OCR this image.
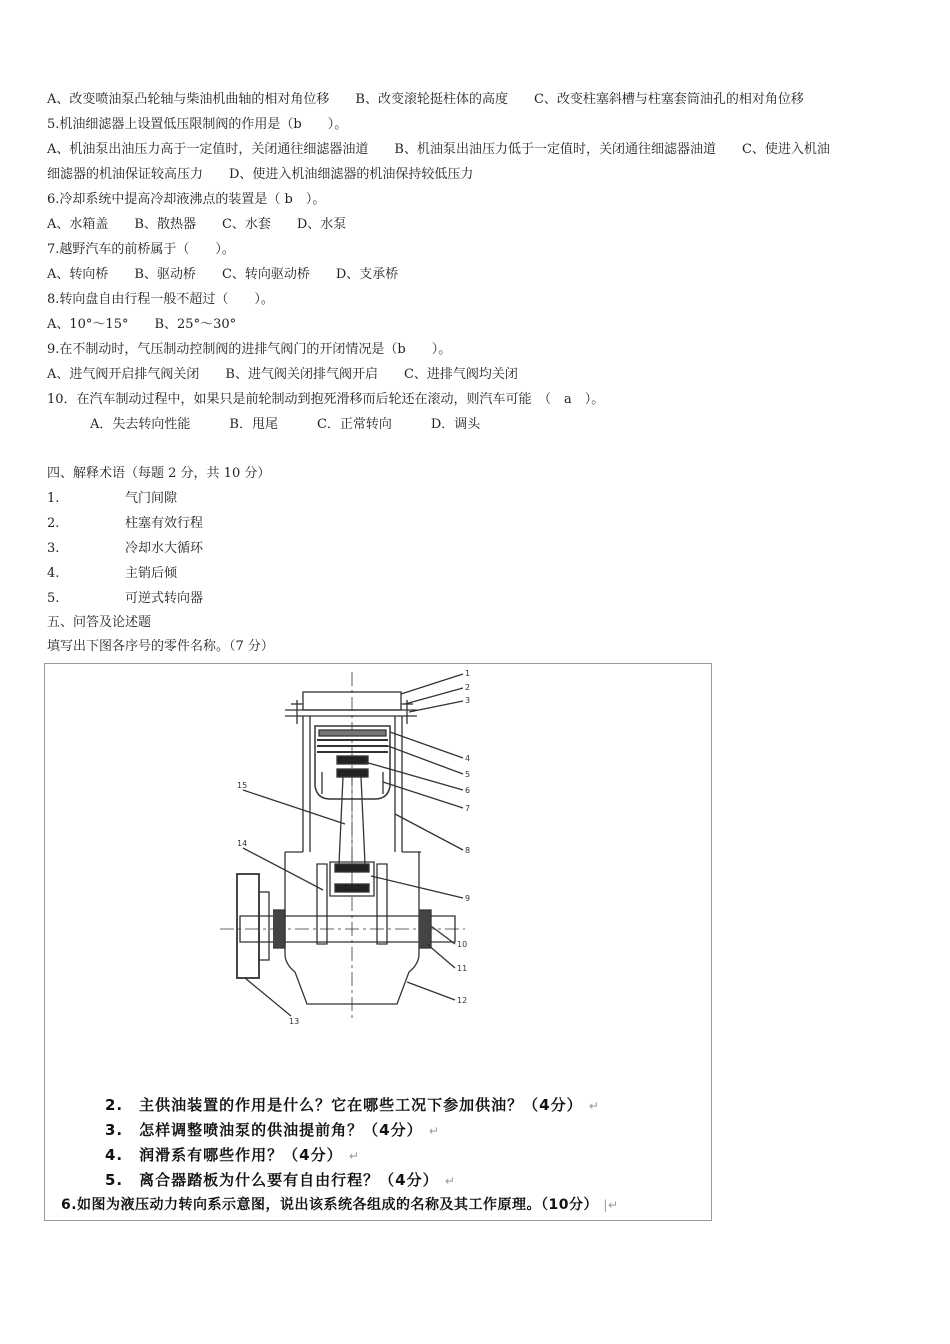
A、改变喷油泵凸轮轴与柴油机曲轴的相对角位移　　B、改变滚轮挺柱体的高度　　C、改变柱塞斜槽与柱塞套筒油孔的相对角位移
5.机油细滤器上设置低压限制阀的作用是（b　　）。
A、机油泵出油压力高于一定值时，关闭通往细滤器油道　　B、机油泵出油压力低于一定值时，关闭通往细滤器油道　　C、使进入机油
细滤器的机油保证较高压力　　D、使进入机油细滤器的机油保持较低压力
6.冷却系统中提高冷却液沸点的装置是（ b　）。
A、水箱盖　　B、散热器　　C、水套　　D、水泵
7.越野汽车的前桥属于（　　）。
A、转向桥　　B、驱动桥　　C、转向驱动桥　　D、支承桥
8.转向盘自由行程一般不超过（　　）。
A、10°～15°　　B、25°～30°
9.在不制动时，气压制动控制阀的进排气阀门的开闭情况是（b　　）。
A、进气阀开启排气阀关闭　　B、进气阀关闭排气阀开启　　C、进排气阀均关闭
10．在汽车制动过程中，如果只是前轮制动到抱死滑移而后轮还在滚动，则汽车可能　（　a　）。
A．失去转向性能　　　B．甩尾　　　C．正常转向　　　D．调头
四、解释术语（每题 2 分，共 10 分）
1.	气门间隙
2.	柱塞有效行程
3.	冷却水大循环
4.	主销后倾
5.	可逆式转向器
五、问答及论述题
填写出下图各序号的零件名称。（7 分）
1
2
3
4
5
6
7
8
9
10
11
12
13
14
15
2.　主供油装置的作用是什么？它在哪些工况下参加供油？（4分） ↵
3.　怎样调整喷油泵的供油提前角？（4分） ↵
4.　润滑系有哪些作用？（4分） ↵
5.　离合器踏板为什么要有自由行程？（4分） ↵
6.如图为液压动力转向系示意图，说出该系统各组成的名称及其工作原理。（10分） |↵
